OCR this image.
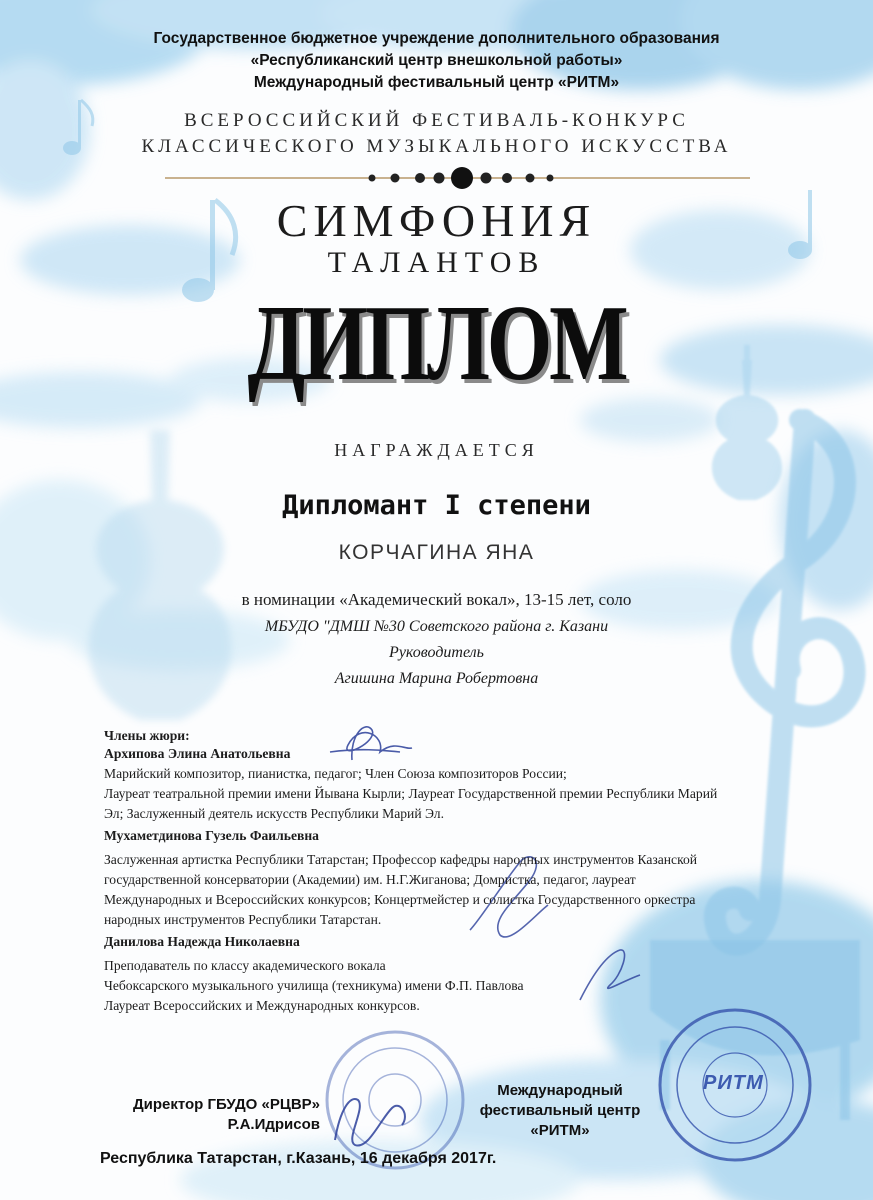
Государственное бюджетное учреждение дополнительного образования

«Республиканский центр внешкольной работы»

Международный фестивальный центр «РИТМ»

ВСЕРОССИЙСКИЙ ФЕСТИВАЛЬ-КОНКУРС

КЛАССИЧЕСКОГО МУЗЫКАЛЬНОГО ИСКУССТВА

СИМФОНИЯ

ТАЛАНТОВ

ДИПЛОМ

НАГРАЖДАЕТСЯ

Дипломант I степени

КОРЧАГИНА ЯНА

в номинации «Академический вокал», 13-15 лет, соло

МБУДО "ДМШ №30 Советского района г. Казани

Руководитель

Агишина Марина Робертовна

Члены жюри:

Архипова Элина Анатольевна

Марийский композитор, пианистка, педагог; Член Союза композиторов России;

Лауреат театральной премии имени Йывана Кырли; Лауреат Государственной премии Республики Марий

Эл; Заслуженный деятель искусств Республики Марий Эл.

Мухаметдинова Гузель Фаильевна

Заслуженная артистка Республики Татарстан; Профессор кафедры народных инструментов Казанской

государственной консерватории (Академии) им. Н.Г.Жиганова; Домристка, педагог, лауреат

Международных и Всероссийских конкурсов; Концертмейстер и солистка Государственного оркестра

народных инструментов Республики Татарстан.

Данилова Надежда Николаевна

Преподаватель по классу академического вокала

Чебоксарского музыкального училища (техникума) имени Ф.П. Павлова

Лауреат Всероссийских и Международных конкурсов.

РИТМ

Директор ГБУДО «РЦВР»

Р.А.Идрисов

Международный

фестивальный центр

«РИТМ»

Республика Татарстан, г.Казань, 16 декабря 2017г.
